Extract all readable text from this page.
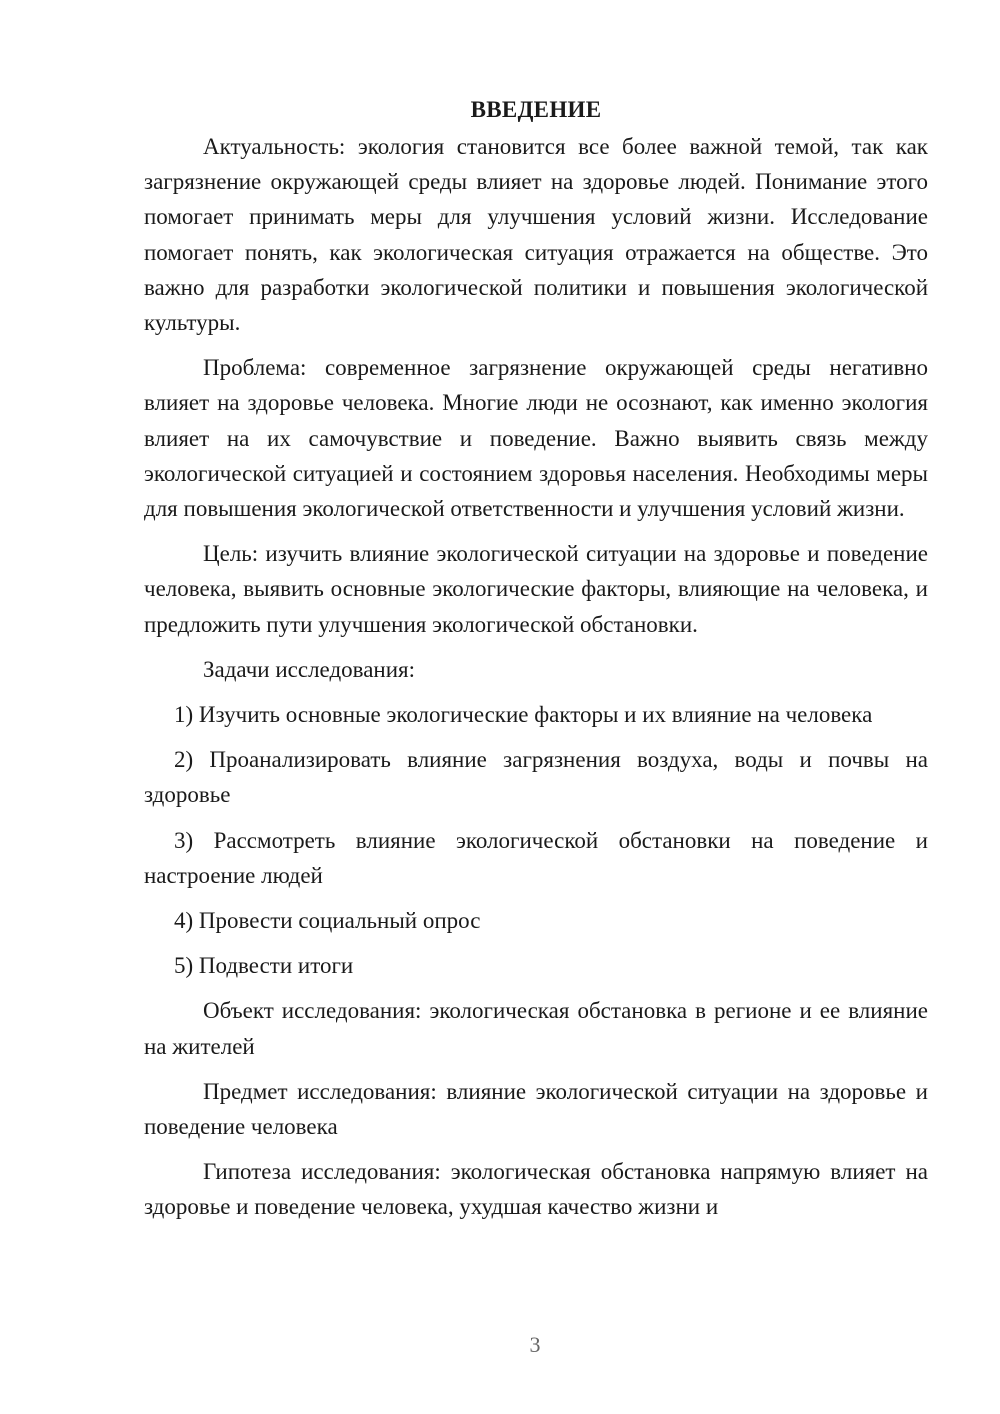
ВВЕДЕНИЕ

Актуальность: экология становится все более важной темой, так как загрязнение окружающей среды влияет на здоровье людей. Понимание этого помогает принимать меры для улучшения условий жизни. Исследование помогает понять, как экологическая ситуация отражается на обществе. Это важно для разработки экологической политики и повышения экологической культуры.

Проблема: современное загрязнение окружающей среды негативно влияет на здоровье человека. Многие люди не осознают, как именно экология влияет на их самочувствие и поведение. Важно выявить связь между экологической ситуацией и состоянием здоровья населения. Необходимы меры для повышения экологической ответственности и улучшения условий жизни.

Цель: изучить влияние экологической ситуации на здоровье и поведение человека, выявить основные экологические факторы, влияющие на человека, и предложить пути улучшения экологической обстановки.

Задачи исследования:

1) Изучить основные экологические факторы и их влияние на человека

2) Проанализировать влияние загрязнения воздуха, воды и почвы на здоровье

3) Рассмотреть влияние экологической обстановки на поведение и настроение людей

4) Провести социальный опрос

5) Подвести итоги

Объект исследования: экологическая обстановка в регионе и ее влияние на жителей

Предмет исследования: влияние экологической ситуации на здоровье и поведение человека

Гипотеза исследования: экологическая обстановка напрямую влияет на здоровье и поведение человека, ухудшая качество жизни и

3
